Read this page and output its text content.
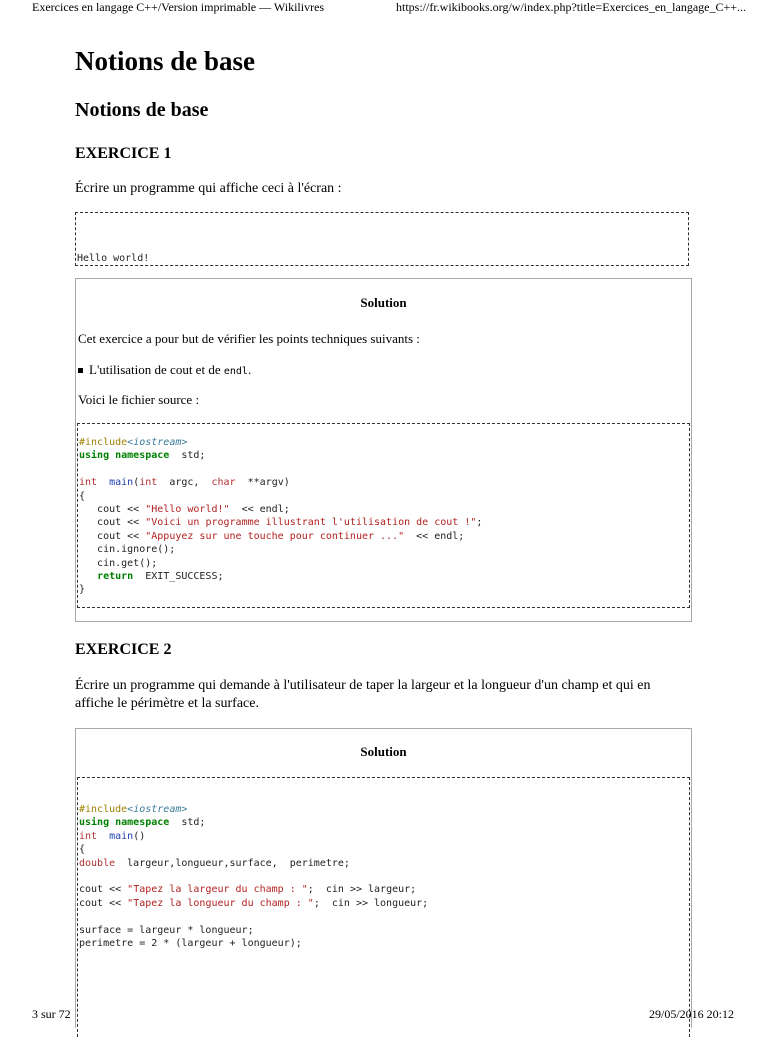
Exercices en langage C++/Version imprimable — Wikilivres	https://fr.wikibooks.org/w/index.php?title=Exercices_en_langage_C++...
Notions de base
Notions de base
EXERCICE 1

Écrire un programme qui affiche ceci à l'écran :

Hello world!

Solution
Cet exercice a pour but de vérifier les points techniques suivants :
L'utilisation de cout et de endl.
Voici le fichier source :
#include<iostream>
using namespace  std;
int main(int  argc,  char  **argv)
{
cout << "Hello world!"  << endl;
cout << "Voici un programme illustrant l'utilisation de cout !";
cout << "Appuyez sur une touche pour continuer ..."  << endl;
cin.ignore();
cin.get();
return  EXIT_SUCCESS;
}
EXERCICE 2

Écrire un programme qui demande à l'utilisateur de taper la largeur et la longueur d'un champ et qui en affiche le périmètre et la surface.

Solution
#include<iostream>
using namespace  std;
int main()
{
double  largeur,longueur,surface,  perimetre;
cout << "Tapez la largeur du champ : ";  cin >> largeur;
cout << "Tapez la longueur du champ : ";  cin >> longueur;
surface = largeur * longueur;
perimetre = 2 * (largeur + longueur);
3 sur 72	29/05/2016 20:12
